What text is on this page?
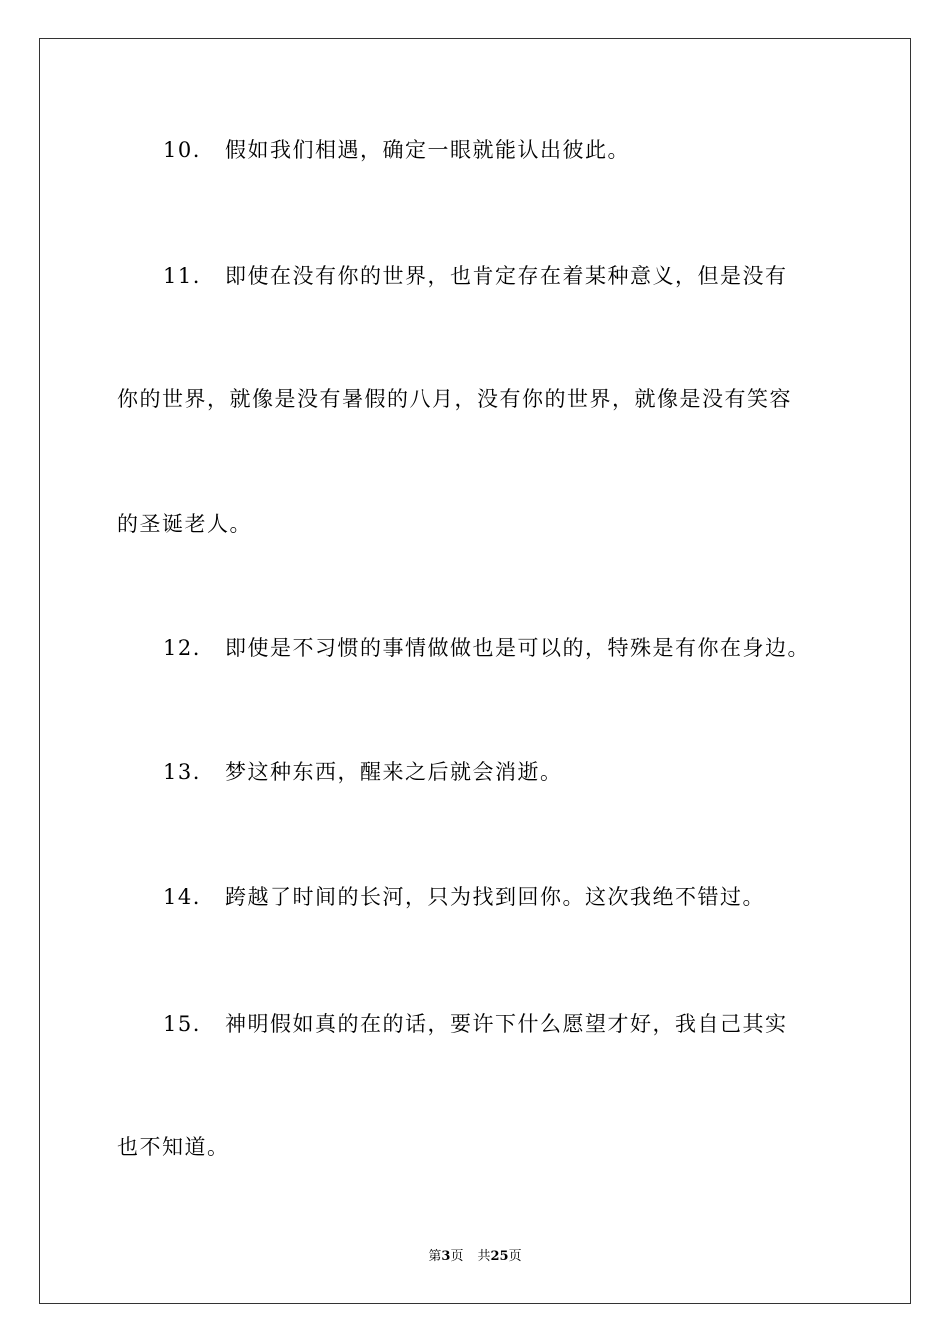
10. 假如我们相遇，确定一眼就能认出彼此。
11. 即使在没有你的世界，也肯定存在着某种意义，但是没有
你的世界，就像是没有暑假的八月，没有你的世界，就像是没有笑容
的圣诞老人。
12. 即使是不习惯的事情做做也是可以的，特殊是有你在身边。
13. 梦这种东西，醒来之后就会消逝。
14. 跨越了时间的长河，只为找到回你。这次我绝不错过。
15. 神明假如真的在的话，要许下什么愿望才好，我自己其实
也不知道。
第3页 共25页
